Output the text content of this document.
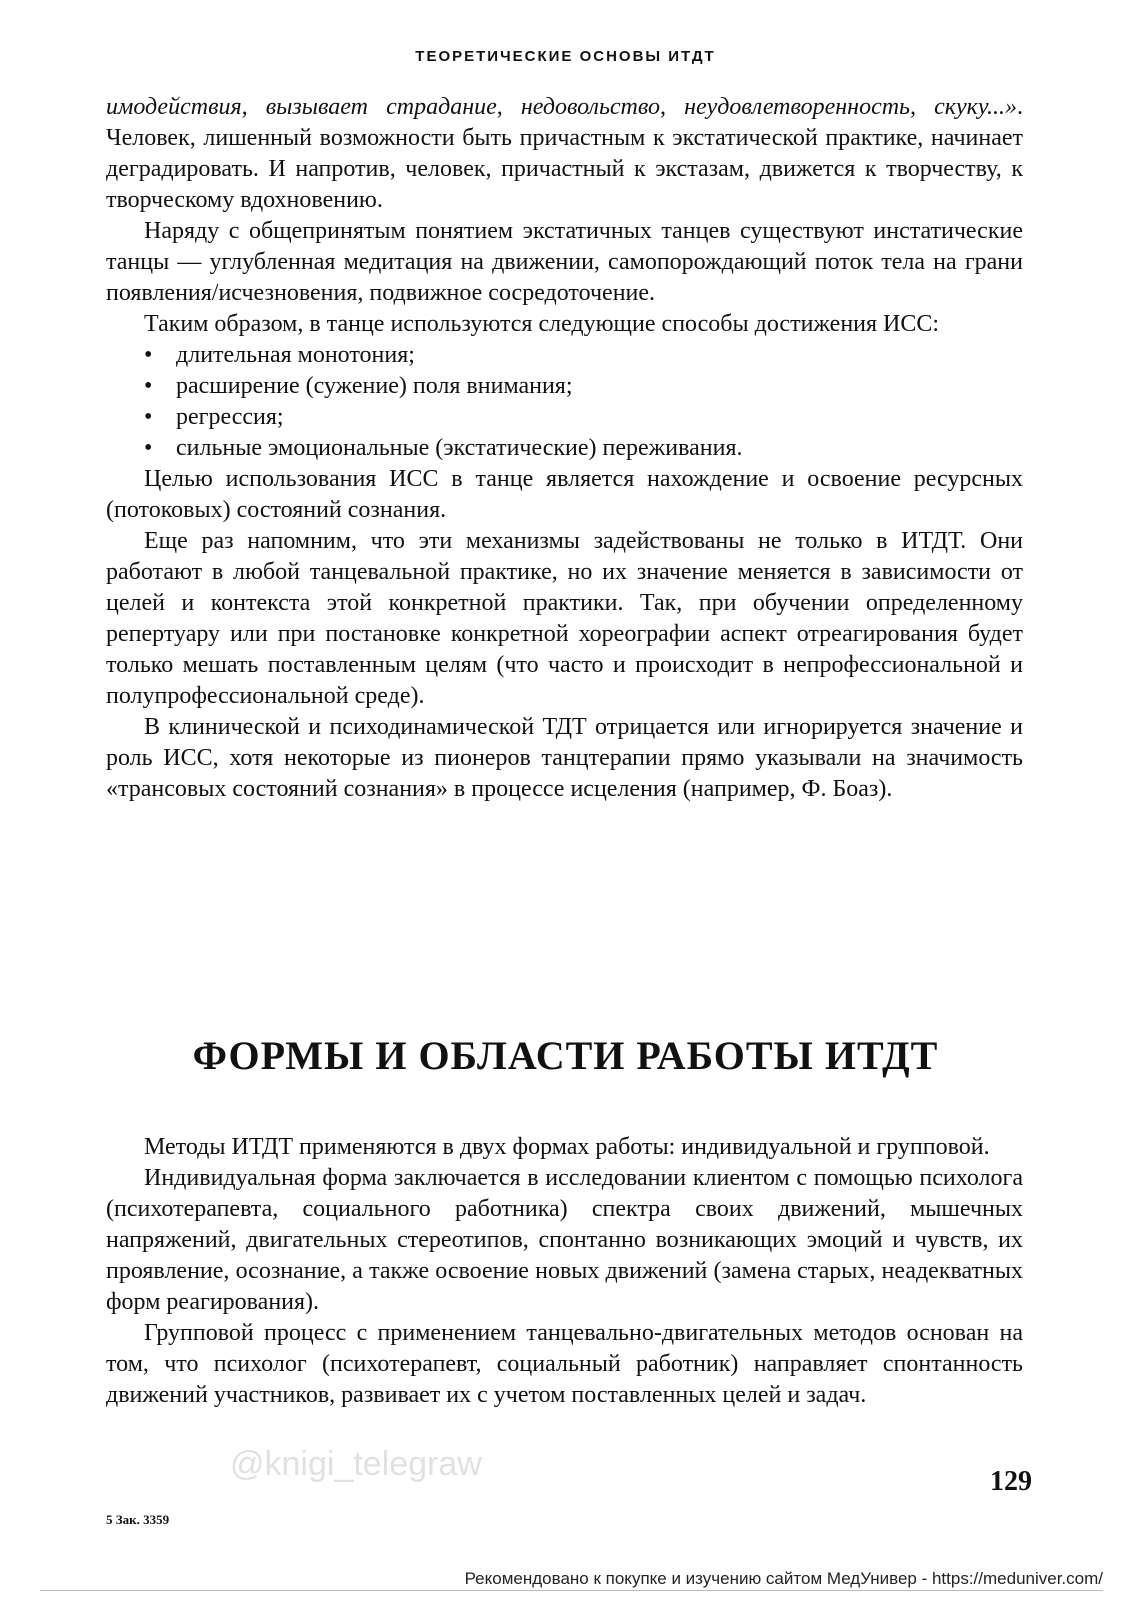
ТЕОРЕТИЧЕСКИЕ ОСНОВЫ ИТДТ

имодействия, вызывает страдание, недовольство, неудовлетворенность, скуку...». Человек, лишенный возможности быть причастным к экстатической практике, начинает деградировать. И напротив, человек, причастный к экстазам, движется к творчеству, к творческому вдохновению.

Наряду с общепринятым понятием экстатичных танцев существуют инстатические танцы — углубленная медитация на движении, самопорождающий поток тела на грани появления/исчезновения, подвижное сосредоточение.

Таким образом, в танце используются следующие способы достижения ИСС:

• длительная монотония;
• расширение (сужение) поля внимания;
• регрессия;
• сильные эмоциональные (экстатические) переживания.

Целью использования ИСС в танце является нахождение и освоение ресурсных (потоковых) состояний сознания.

Еще раз напомним, что эти механизмы задействованы не только в ИТДТ. Они работают в любой танцевальной практике, но их значение меняется в зависимости от целей и контекста этой конкретной практики. Так, при обучении определенному репертуару или при постановке конкретной хореографии аспект отреагирования будет только мешать поставленным целям (что часто и происходит в непрофессиональной и полупрофессиональной среде).

В клинической и психодинамической ТДТ отрицается или игнорируется значение и роль ИСС, хотя некоторые из пионеров танцтерапии прямо указывали на значимость «трансовых состояний сознания» в процессе исцеления (например, Ф. Боаз).

ФОРМЫ И ОБЛАСТИ РАБОТЫ ИТДТ

Методы ИТДТ применяются в двух формах работы: индивидуальной и групповой.

Индивидуальная форма заключается в исследовании клиентом с помощью психолога (психотерапевта, социального работника) спектра своих движений, мышечных напряжений, двигательных стереотипов, спонтанно возникающих эмоций и чувств, их проявление, осознание, а также освоение новых движений (замена старых, неадекватных форм реагирования).

Групповой процесс с применением танцевально-двигательных методов основан на том, что психолог (психотерапевт, социальный работник) направляет спонтанность движений участников, развивает их с учетом поставленных целей и задач.

@knigi_telegraw	129
5 Зак. 3359
Рекомендовано к покупке и изучению сайтом МедУнивер - https://meduniver.com/
